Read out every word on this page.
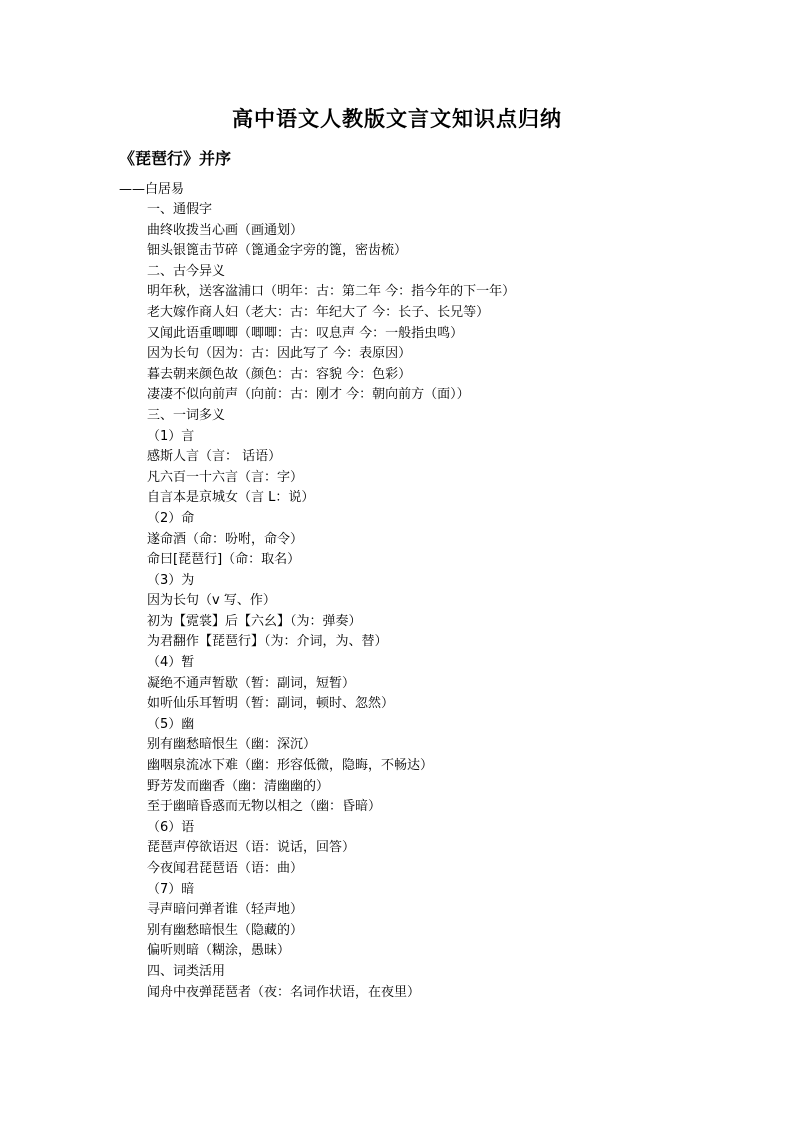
高中语文人教版文言文知识点归纳
《琵琶行》并序

——白居易

一、通假字
曲终收拨当心画（画通划）
钿头银篦击节碎（篦通金字旁的篦，密齿梳）
二、古今异义
明年秋，送客湓浦口（明年：古：第二年 今：指今年的下一年）
老大嫁作商人妇（老大：古：年纪大了 今：长子、长兄等）
又闻此语重唧唧（唧唧：古：叹息声 今：一般指虫鸣）
因为长句（因为：古：因此写了 今：表原因）
暮去朝来颜色故（颜色：古：容貌 今：色彩）
凄凄不似向前声（向前：古：刚才 今：朝向前方（面））
三、一词多义
（1）言
感斯人言（言： 话语）
凡六百一十六言（言：字）
自言本是京城女（言 L：说）
（2）命
遂命酒（命：吩咐，命令）
命曰[琵琶行]（命：取名）
（3）为
因为长句（v 写、作）
初为【霓裳】后【六幺】（为：弹奏）
为君翻作【琵琶行】（为：介词，为、替）
（4）暂
凝绝不通声暂歇（暂：副词，短暂）
如听仙乐耳暂明（暂：副词，顿时、忽然）
（5）幽
别有幽愁暗恨生（幽：深沉）
幽咽泉流冰下难（幽：形容低微，隐晦，不畅达）
野芳发而幽香（幽：清幽幽的）
至于幽暗昏惑而无物以相之（幽：昏暗）
（6）语
琵琶声停欲语迟（语：说话，回答）
今夜闻君琵琶语（语：曲）
（7）暗
寻声暗问弹者谁（轻声地）
别有幽愁暗恨生（隐藏的）
偏听则暗（糊涂，愚昧）
四、词类活用
闻舟中夜弹琵琶者（夜：名词作状语，在夜里）
